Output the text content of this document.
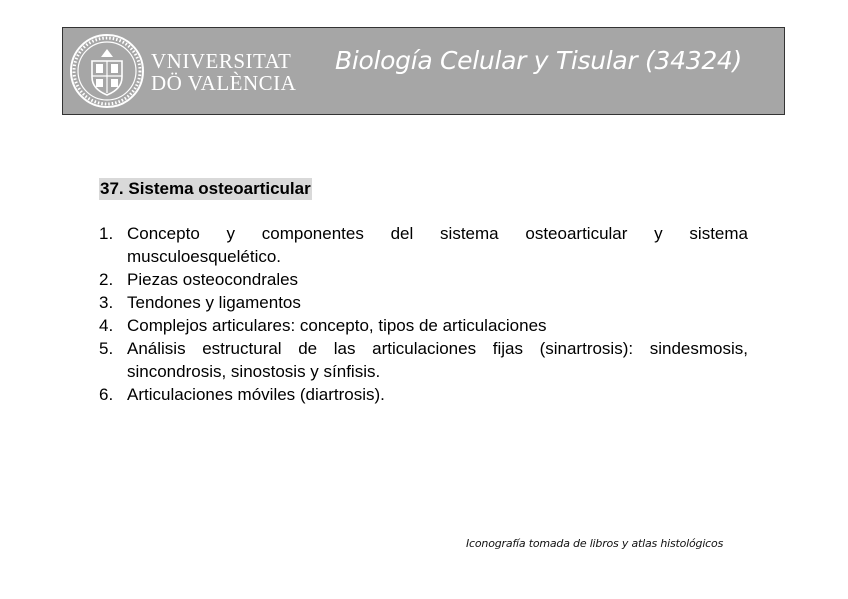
VNIVERSITAT
DÖ VALÈNCIA
Biología Celular y Tisular (34324)
37. Sistema osteoarticular
1. Concepto y componentes del sistema osteoarticular y sistema musculoesquelético.
2. Piezas osteocondrales
3. Tendones y ligamentos
4. Complejos articulares: concepto, tipos de articulaciones
5. Análisis estructural de las articulaciones fijas (sinartrosis): sindesmosis, sincondrosis, sinostosis y sínfisis.
6. Articulaciones móviles (diartrosis).
Iconografía tomada de libros y atlas histológicos
